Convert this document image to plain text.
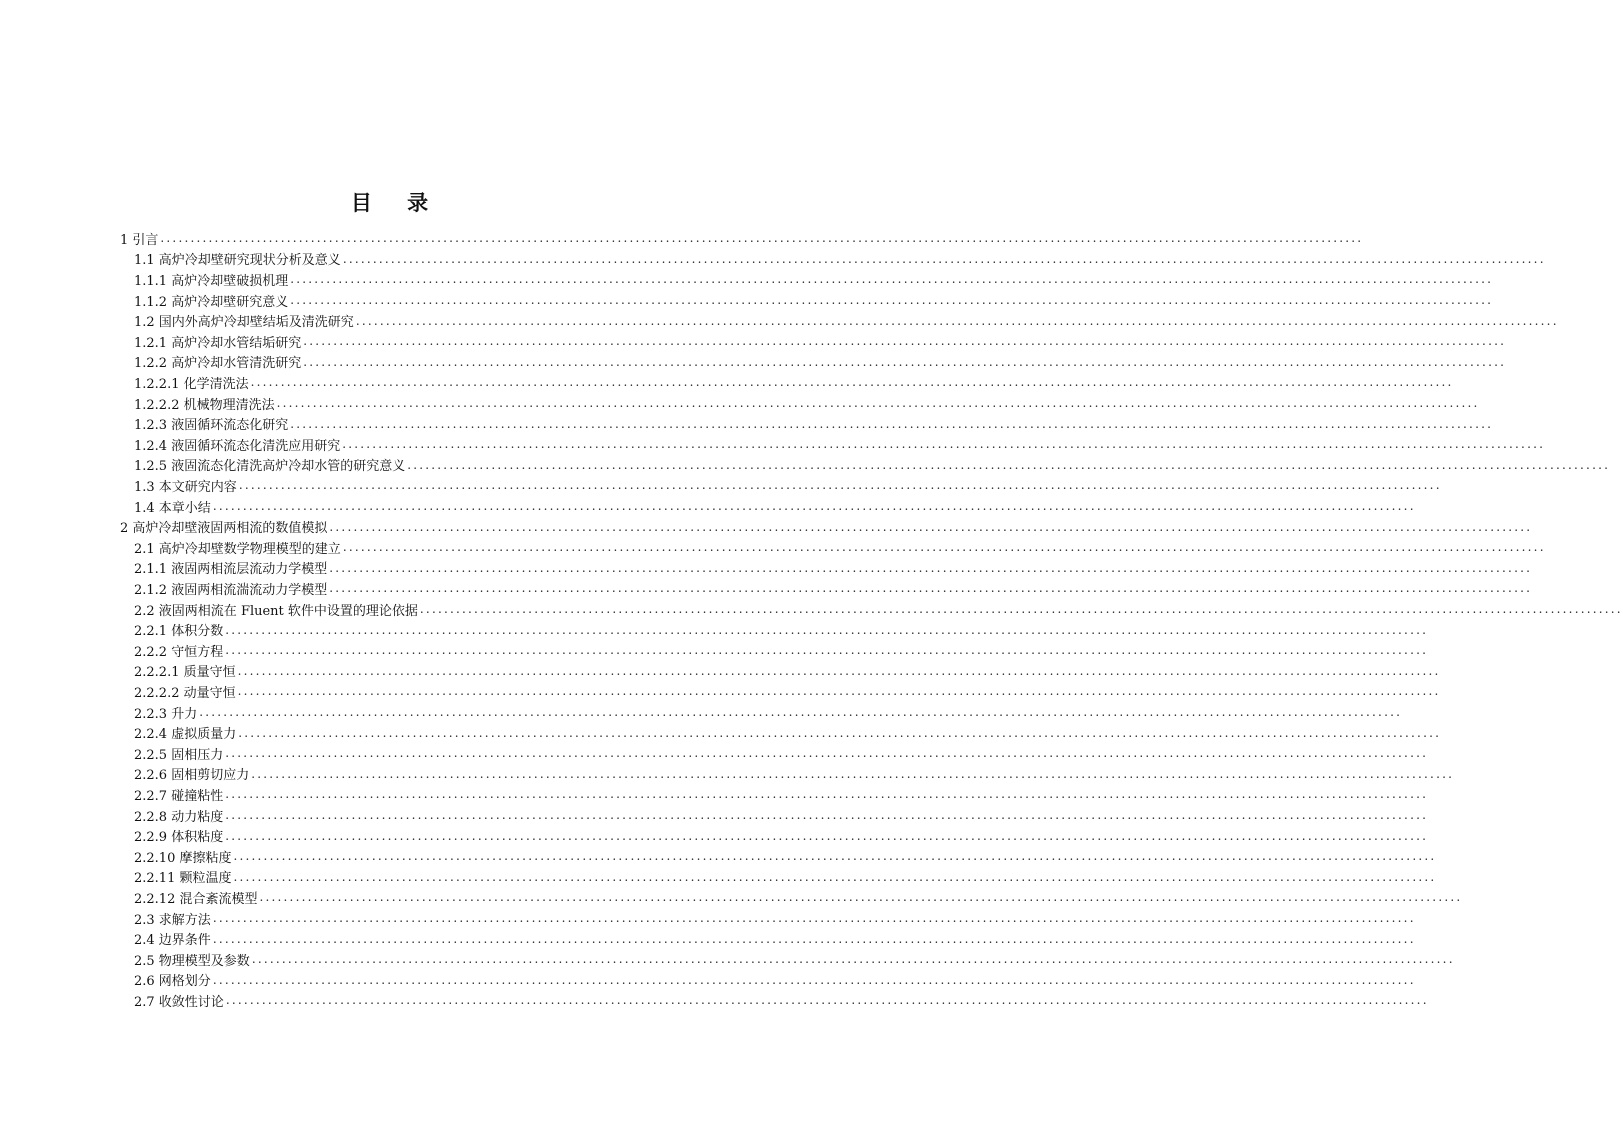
目 录
1 引言 ........................................................................................................................................................................................................
1.1 高炉冷却壁研究现状分析及意义 ........................................................................................................................................................................................................
1.1.1 高炉冷却壁破损机理 ........................................................................................................................................................................................................
1.1.2 高炉冷却壁研究意义 ........................................................................................................................................................................................................
1.2 国内外高炉冷却壁结垢及清洗研究 ........................................................................................................................................................................................................
1.2.1 高炉冷却水管结垢研究 ........................................................................................................................................................................................................
1.2.2 高炉冷却水管清洗研究 ........................................................................................................................................................................................................
1.2.2.1 化学清洗法 ........................................................................................................................................................................................................
1.2.2.2 机械物理清洗法 ........................................................................................................................................................................................................
1.2.3 液固循环流态化研究 ........................................................................................................................................................................................................
1.2.4 液固循环流态化清洗应用研究 ........................................................................................................................................................................................................
1.2.5 液固流态化清洗高炉冷却水管的研究意义 ........................................................................................................................................................................................................
1.3 本文研究内容 ........................................................................................................................................................................................................
1.4 本章小结 ........................................................................................................................................................................................................
2 高炉冷却壁液固两相流的数值模拟 ........................................................................................................................................................................................................
2.1 高炉冷却壁数学物理模型的建立 ........................................................................................................................................................................................................
2.1.1 液固两相流层流动力学模型 ........................................................................................................................................................................................................
2.1.2 液固两相流湍流动力学模型 ........................................................................................................................................................................................................
2.2 液固两相流在 Fluent 软件中设置的理论依据 ........................................................................................................................................................................................................
2.2.1 体积分数 ........................................................................................................................................................................................................
2.2.2 守恒方程 ........................................................................................................................................................................................................
2.2.2.1 质量守恒 ........................................................................................................................................................................................................
2.2.2.2 动量守恒 ........................................................................................................................................................................................................
2.2.3 升力 ........................................................................................................................................................................................................
2.2.4 虚拟质量力 ........................................................................................................................................................................................................
2.2.5 固相压力 ........................................................................................................................................................................................................
2.2.6 固相剪切应力 ........................................................................................................................................................................................................
2.2.7 碰撞粘性 ........................................................................................................................................................................................................
2.2.8 动力粘度 ........................................................................................................................................................................................................
2.2.9 体积粘度 ........................................................................................................................................................................................................
2.2.10 摩擦粘度 ........................................................................................................................................................................................................
2.2.11 颗粒温度 ........................................................................................................................................................................................................
2.2.12 混合紊流模型 ........................................................................................................................................................................................................
2.3 求解方法 ........................................................................................................................................................................................................
2.4 边界条件 ........................................................................................................................................................................................................
2.5 物理模型及参数 ........................................................................................................................................................................................................
2.6 网格划分 ........................................................................................................................................................................................................
2.7 收敛性讨论 ........................................................................................................................................................................................................
